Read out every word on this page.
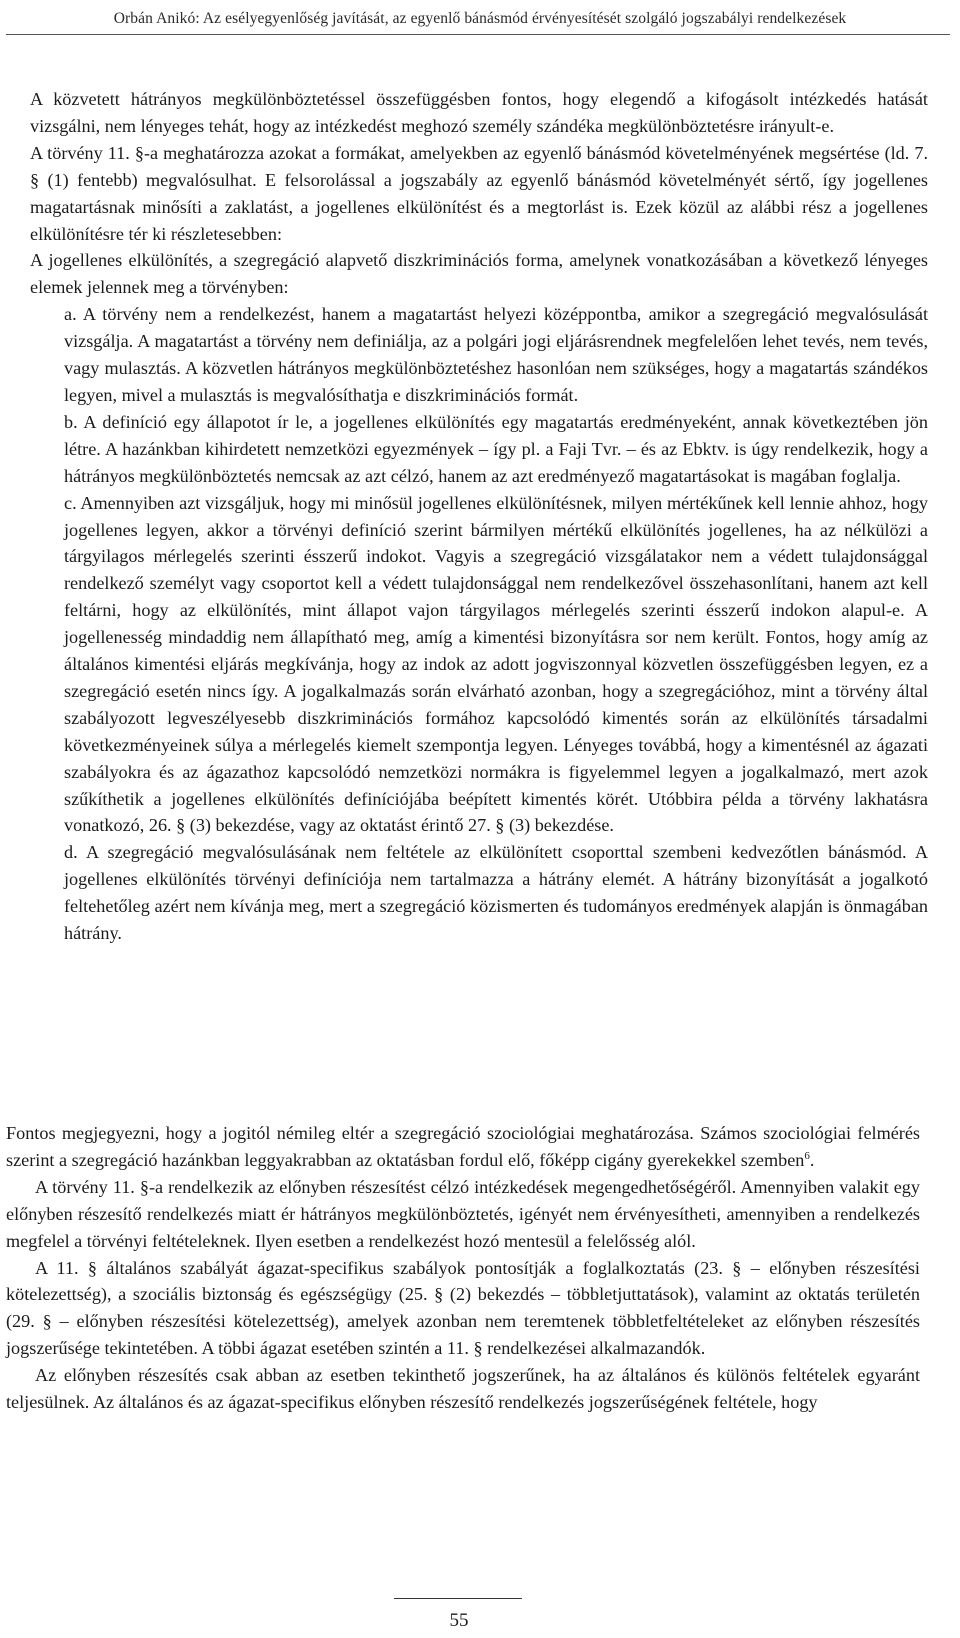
Orbán Anikó: Az esélyegyenlőség javítását, az egyenlő bánásmód érvényesítését szolgáló jogszabályi rendelkezések

A közvetett hátrányos megkülönböztetéssel összefüggésben fontos, hogy elegendő a kifogásolt intézkedés hatását vizsgálni, nem lényeges tehát, hogy az intézkedést meghozó személy szándéka megkülönböztetésre irányult-e.

A törvény 11. §-a meghatározza azokat a formákat, amelyekben az egyenlő bánásmód követelményének megsértése (ld. 7. § (1) fentebb) megvalósulhat. E felsorolással a jogszabály az egyenlő bánásmód követelményét sértő, így jogellenes magatartásnak minősíti a zaklatást, a jogellenes elkülönítést és a megtorlást is. Ezek közül az alábbi rész a jogellenes elkülönítésre tér ki részletesebben:

A jogellenes elkülönítés, a szegregáció alapvető diszkriminációs forma, amelynek vonatkozásában a következő lényeges elemek jelennek meg a törvényben:

a. A törvény nem a rendelkezést, hanem a magatartást helyezi középpontba, amikor a szegregáció megvalósulását vizsgálja. A magatartást a törvény nem definiálja, az a polgári jogi eljárásrendnek megfelelően lehet tevés, nem tevés, vagy mulasztás. A közvetlen hátrányos megkülönböztetéshez hasonlóan nem szükséges, hogy a magatartás szándékos legyen, mivel a mulasztás is megvalósíthatja e diszkriminációs formát.

b. A definíció egy állapotot ír le, a jogellenes elkülönítés egy magatartás eredményeként, annak következtében jön létre. A hazánkban kihirdetett nemzetközi egyezmények – így pl. a Faji Tvr. – és az Ebktv. is úgy rendelkezik, hogy a hátrányos megkülönböztetés nemcsak az azt célzó, hanem az azt eredményező magatartásokat is magában foglalja.

c. Amennyiben azt vizsgáljuk, hogy mi minősül jogellenes elkülönítésnek, milyen mértékűnek kell lennie ahhoz, hogy jogellenes legyen, akkor a törvényi definíció szerint bármilyen mértékű elkülönítés jogellenes, ha az nélkülözi a tárgyilagos mérlegelés szerinti ésszerű indokot. Vagyis a szegregáció vizsgálatakor nem a védett tulajdonsággal rendelkező személyt vagy csoportot kell a védett tulajdonsággal nem rendelkezővel összehasonlítani, hanem azt kell feltárni, hogy az elkülönítés, mint állapot vajon tárgyilagos mérlegelés szerinti ésszerű indokon alapul-e. A jogellenesség mindaddig nem állapítható meg, amíg a kimentési bizonyításra sor nem került. Fontos, hogy amíg az általános kimentési eljárás megkívánja, hogy az indok az adott jogviszonnyal közvetlen összefüggésben legyen, ez a szegregáció esetén nincs így. A jogalkalmazás során elvárható azonban, hogy a szegregációhoz, mint a törvény által szabályozott legveszélyesebb diszkriminációs formához kapcsolódó kimentés során az elkülönítés társadalmi következményeinek súlya a mérlegelés kiemelt szempontja legyen. Lényeges továbbá, hogy a kimentésnél az ágazati szabályokra és az ágazathoz kapcsolódó nemzetközi normákra is figyelemmel legyen a jogalkalmazó, mert azok szűkíthetik a jogellenes elkülönítés definíciójába beépített kimentés körét. Utóbbira példa a törvény lakhatásra vonatkozó, 26. § (3) bekezdése, vagy az oktatást érintő 27. § (3) bekezdése.

d. A szegregáció megvalósulásának nem feltétele az elkülönített csoporttal szembeni kedvezőtlen bánásmód. A jogellenes elkülönítés törvényi definíciója nem tartalmazza a hátrány elemét. A hátrány bizonyítását a jogalkotó feltehetőleg azért nem kívánja meg, mert a szegregáció közismerten és tudományos eredmények alapján is önmagában hátrány.

Fontos megjegyezni, hogy a jogitól némileg eltér a szegregáció szociológiai meghatározása. Számos szociológiai felmérés szerint a szegregáció hazánkban leggyakrabban az oktatásban fordul elő, főképp cigány gyerekekkel szemben$^6$.

A törvény 11. §-a rendelkezik az előnyben részesítést célzó intézkedések megengedhetőségéről. Amennyiben valakit egy előnyben részesítő rendelkezés miatt ér hátrányos megkülönböztetés, igényét nem érvényesítheti, amennyiben a rendelkezés megfelel a törvényi feltételeknek. Ilyen esetben a rendelkezést hozó mentesül a felelősség alól.

A 11. § általános szabályát ágazat-specifikus szabályok pontosítják a foglalkoztatás (23. § – előnyben részesítési kötelezettség), a szociális biztonság és egészségügy (25. § (2) bekezdés – többletjuttatások), valamint az oktatás területén (29. § – előnyben részesítési kötelezettség), amelyek azonban nem teremtenek többletfeltételeket az előnyben részesítés jogszerűsége tekintetében. A többi ágazat esetében szintén a 11. § rendelkezései alkalmazandók.

Az előnyben részesítés csak abban az esetben tekinthető jogszerűnek, ha az általános és különös feltételek egyaránt teljesülnek. Az általános és az ágazat-specifikus előnyben részesítő rendelkezés jogszerűségének feltétele, hogy

55
